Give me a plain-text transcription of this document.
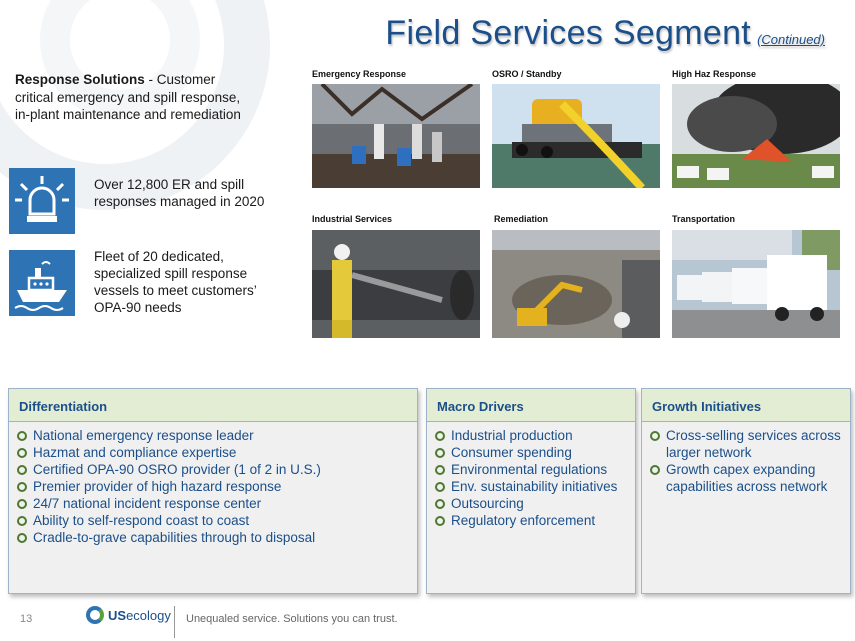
Field Services Segment (Continued)
Response Solutions - Customer critical emergency and spill response, in-plant maintenance and remediation
Over 12,800 ER and spill responses managed in 2020
Fleet of 20 dedicated, specialized spill response vessels to meet customers’ OPA-90 needs
Emergency Response	OSRO / Standby	High Haz Response
Industrial Services	Remediation	Transportation
Differentiation
National emergency response leader
Hazmat and compliance expertise
Certified OPA-90 OSRO provider (1 of 2 in U.S.)
Premier provider of high hazard response
24/7 national incident response center
Ability to self-respond coast to coast
Cradle-to-grave capabilities through to disposal
Macro Drivers
Industrial production
Consumer spending
Environmental regulations
Env. sustainability initiatives
Outsourcing
Regulatory enforcement
Growth Initiatives
Cross-selling services across larger network
Growth capex expanding capabilities across network
13	USecology Unequaled service. Solutions you can trust.
